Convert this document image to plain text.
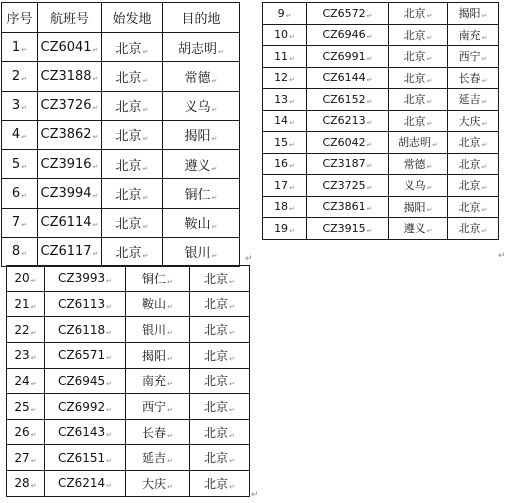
序号	航班号	始发地	目的地
1↵	CZ6041↵	北京↵	胡志明↵
2↵	CZ3188↵	北京↵	常德↵
3↵	CZ3726↵	北京↵	义乌↵
4↵	CZ3862↵	北京↵	揭阳↵
5↵	CZ3916↵	北京↵	遵义↵
6↵	CZ3994↵	北京↵	铜仁↵
7↵	CZ6114↵	北京↵	鞍山↵
8↵	CZ6117↵	北京↵	银川↵
9↵	CZ6572↵	北京↵	揭阳↵
10↵	CZ6946↵	北京↵	南充↵
11↵	CZ6991↵	北京↵	西宁↵
12↵	CZ6144↵	北京↵	长春↵
13↵	CZ6152↵	北京↵	延吉↵
14↵	CZ6213↵	北京↵	大庆↵
15↵	CZ6042↵	胡志明↵	北京↵
16↵	CZ3187↵	常德↵	北京↵
17↵	CZ3725↵	义乌↵	北京↵
18↵	CZ3861↵	揭阳↵	北京↵
19↵	CZ3915↵	遵义↵	北京↵
20↵	CZ3993↵	铜仁↵	北京↵
21↵	CZ6113↵	鞍山↵	北京↵
22↵	CZ6118↵	银川↵	北京↵
23↵	CZ6571↵	揭阳↵	北京↵
24↵	CZ6945↵	南充↵	北京↵
25↵	CZ6992↵	西宁↵	北京↵
26↵	CZ6143↵	长春↵	北京↵
27↵	CZ6151↵	延吉↵	北京↵
28↵	CZ6214↵	大庆↵	北京↵
↵	↵
↵
